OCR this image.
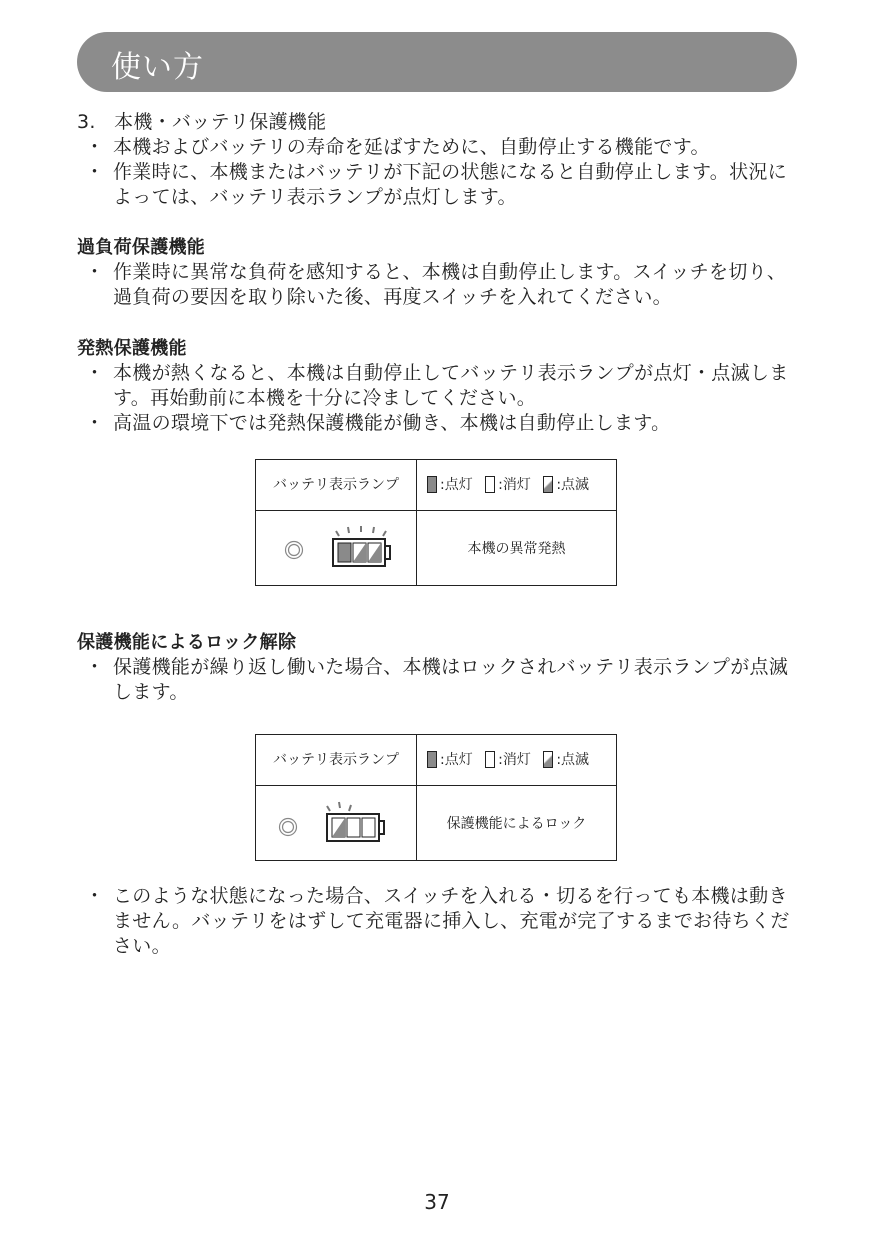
使い方
3. 本機・バッテリ保護機能
・ 本機およびバッテリの寿命を延ばすために、自動停止する機能です。
・ 作業時に、本機またはバッテリが下記の状態になると自動停止します。状況によっては、バッテリ表示ランプが点灯します。
過負荷保護機能
・ 作業時に異常な負荷を感知すると、本機は自動停止します。スイッチを切り、過負荷の要因を取り除いた後、再度スイッチを入れてください。
発熱保護機能
・ 本機が熱くなると、本機は自動停止してバッテリ表示ランプが点灯・点滅します。再始動前に本機を十分に冷ましてください。
・ 高温の環境下では発熱保護機能が働き、本機は自動停止します。
バッテリ表示ランプ	:点灯 :消灯 :点滅
本機の異常発熱
保護機能によるロック解除
・ 保護機能が繰り返し働いた場合、本機はロックされバッテリ表示ランプが点滅します。
バッテリ表示ランプ	:点灯 :消灯 :点滅
保護機能によるロック
・ このような状態になった場合、スイッチを入れる・切るを行っても本機は動きません。バッテリをはずして充電器に挿入し、充電が完了するまでお待ちください。
37
